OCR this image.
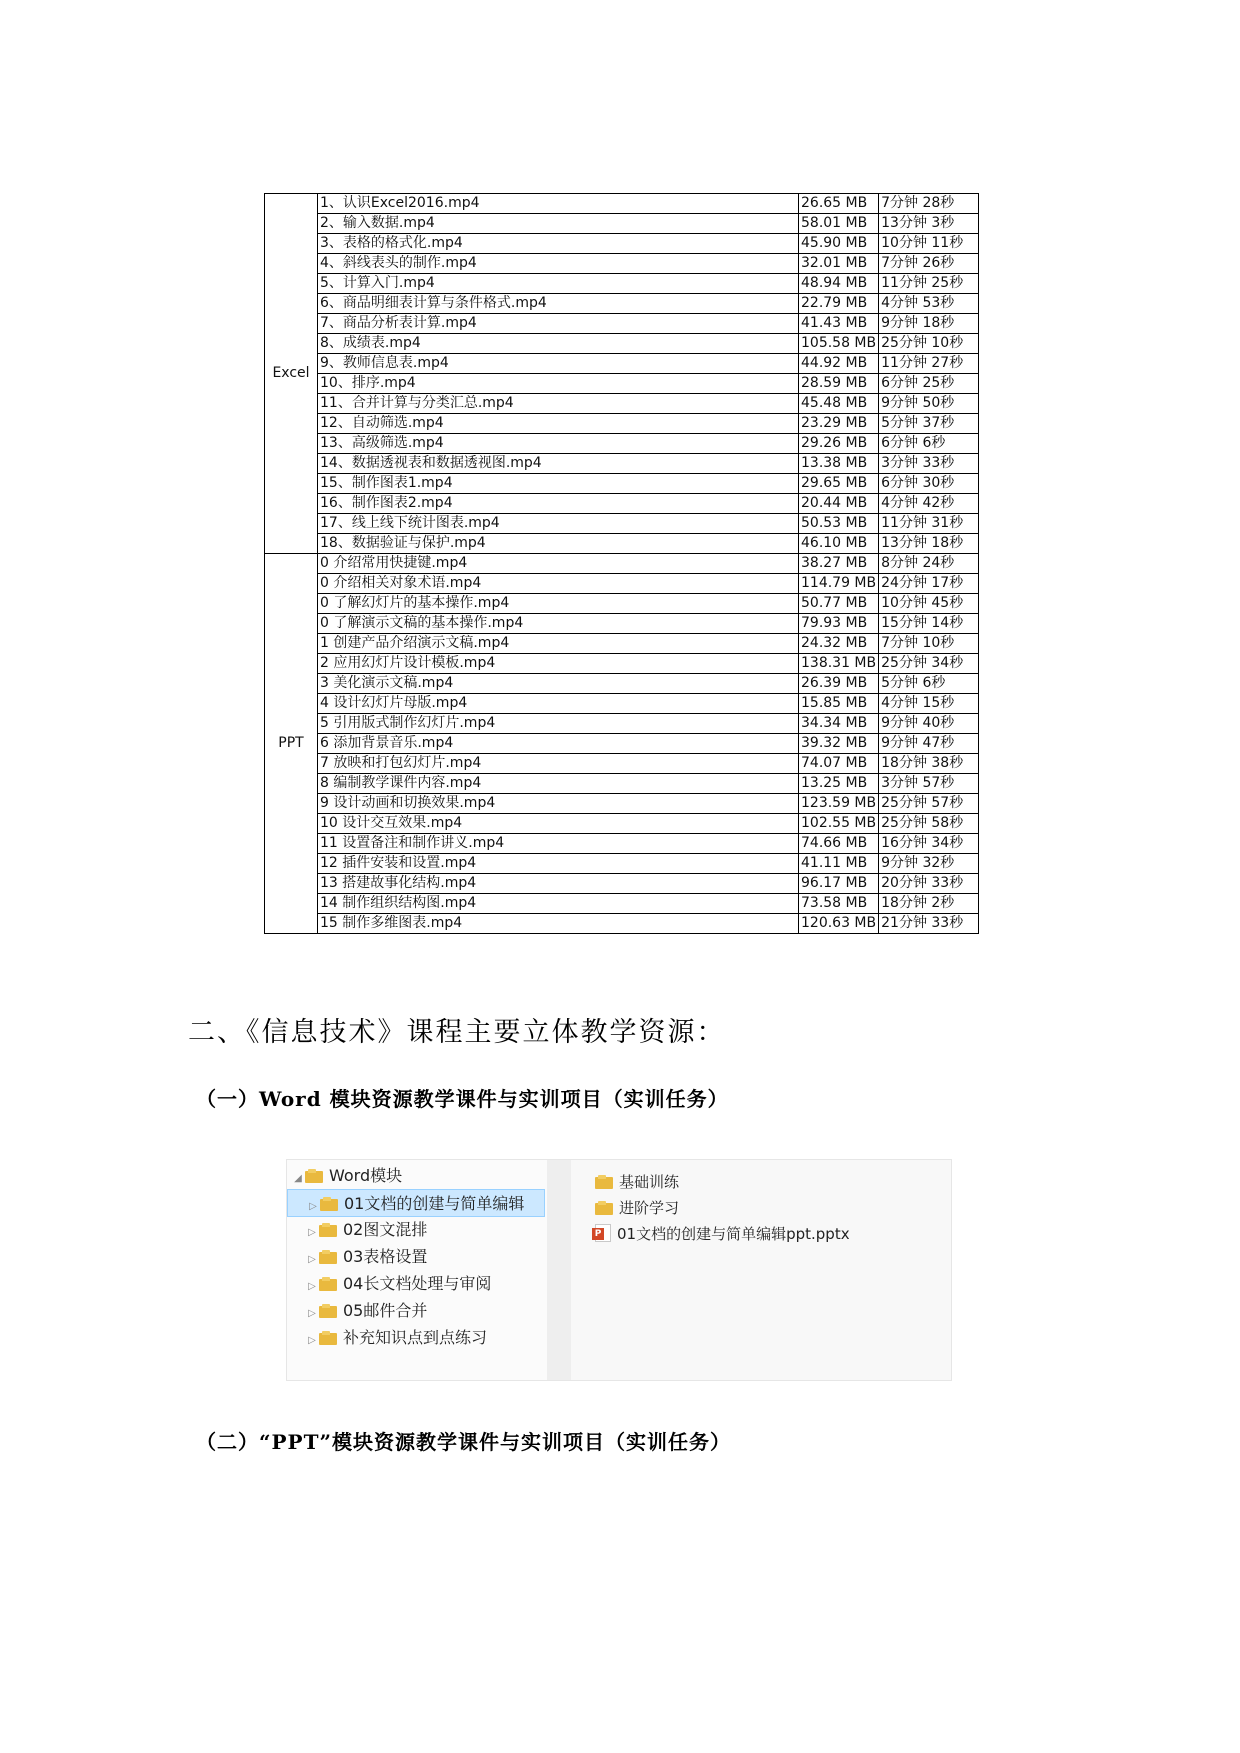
Excel	1、认识Excel2016.mp4	26.65 MB	7分钟 28秒
	2、输入数据.mp4	58.01 MB	13分钟 3秒
	3、表格的格式化.mp4	45.90 MB	10分钟 11秒
	4、斜线表头的制作.mp4	32.01 MB	7分钟 26秒
	5、计算入门.mp4	48.94 MB	11分钟 25秒
	6、商品明细表计算与条件格式.mp4	22.79 MB	4分钟 53秒
	7、商品分析表计算.mp4	41.43 MB	9分钟 18秒
	8、成绩表.mp4	105.58 MB	25分钟 10秒
	9、教师信息表.mp4	44.92 MB	11分钟 27秒
	10、排序.mp4	28.59 MB	6分钟 25秒
	11、合并计算与分类汇总.mp4	45.48 MB	9分钟 50秒
	12、自动筛选.mp4	23.29 MB	5分钟 37秒
	13、高级筛选.mp4	29.26 MB	6分钟 6秒
	14、数据透视表和数据透视图.mp4	13.38 MB	3分钟 33秒
	15、制作图表1.mp4	29.65 MB	6分钟 30秒
	16、制作图表2.mp4	20.44 MB	4分钟 42秒
	17、线上线下统计图表.mp4	50.53 MB	11分钟 31秒
	18、数据验证与保护.mp4	46.10 MB	13分钟 18秒
PPT	0 介绍常用快捷键.mp4	38.27 MB	8分钟 24秒
	0 介绍相关对象术语.mp4	114.79 MB	24分钟 17秒
	0 了解幻灯片的基本操作.mp4	50.77 MB	10分钟 45秒
	0 了解演示文稿的基本操作.mp4	79.93 MB	15分钟 14秒
	1 创建产品介绍演示文稿.mp4	24.32 MB	7分钟 10秒
	2 应用幻灯片设计模板.mp4	138.31 MB	25分钟 34秒
	3 美化演示文稿.mp4	26.39 MB	5分钟 6秒
	4 设计幻灯片母版.mp4	15.85 MB	4分钟 15秒
	5 引用版式制作幻灯片.mp4	34.34 MB	9分钟 40秒
	6 添加背景音乐.mp4	39.32 MB	9分钟 47秒
	7 放映和打包幻灯片.mp4	74.07 MB	18分钟 38秒
	8 编制教学课件内容.mp4	13.25 MB	3分钟 57秒
	9 设计动画和切换效果.mp4	123.59 MB	25分钟 57秒
	10 设计交互效果.mp4	102.55 MB	25分钟 58秒
	11 设置备注和制作讲义.mp4	74.66 MB	16分钟 34秒
	12 插件安装和设置.mp4	41.11 MB	9分钟 32秒
	13 搭建故事化结构.mp4	96.17 MB	20分钟 33秒
	14 制作组织结构图.mp4	73.58 MB	18分钟 2秒
	15 制作多维图表.mp4	120.63 MB	21分钟 33秒
二、《信息技术》课程主要立体教学资源：
（一）Word 模块资源教学课件与实训项目（实训任务）
◢ Word模块
▷ 01文档的创建与简单编辑
▷ 02图文混排
▷ 03表格设置
▷ 04长文档处理与审阅
▷ 05邮件合并
▷ 补充知识点到点练习
基础训练
进阶学习
P01文档的创建与简单编辑ppt.pptx
（二）“PPT”模块资源教学课件与实训项目（实训任务）
